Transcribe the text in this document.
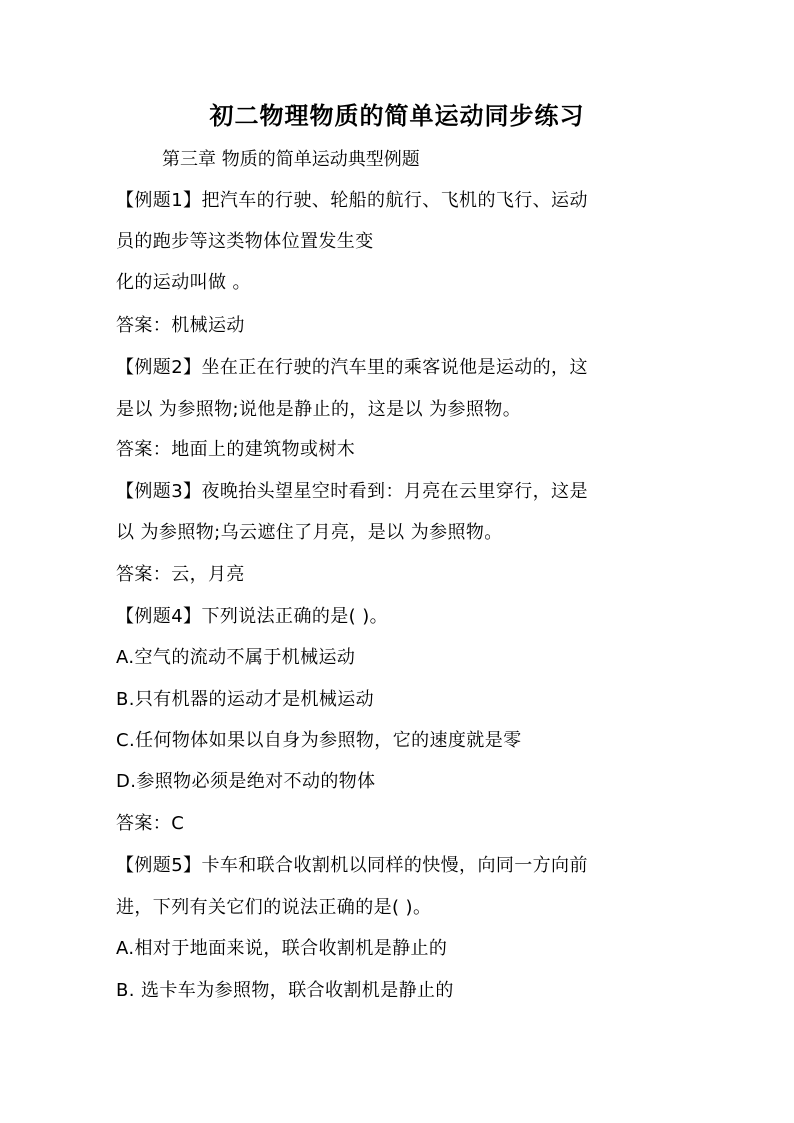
初二物理物质的简单运动同步练习
第三章 物质的简单运动典型例题
【例题1】把汽车的行驶、轮船的航行、飞机的飞行、运动
员的跑步等这类物体位置发生变
化的运动叫做 。
答案：机械运动
【例题2】坐在正在行驶的汽车里的乘客说他是运动的，这
是以 为参照物;说他是静止的，这是以 为参照物。
答案：地面上的建筑物或树木
【例题3】夜晚抬头望星空时看到：月亮在云里穿行，这是
以 为参照物;乌云遮住了月亮，是以 为参照物。
答案：云，月亮
【例题4】下列说法正确的是( )。
A.空气的流动不属于机械运动
B.只有机器的运动才是机械运动
C.任何物体如果以自身为参照物，它的速度就是零
D.参照物必须是绝对不动的物体
答案：C
【例题5】卡车和联合收割机以同样的快慢，向同一方向前
进，下列有关它们的说法正确的是( )。
A.相对于地面来说，联合收割机是静止的
B. 选卡车为参照物，联合收割机是静止的
